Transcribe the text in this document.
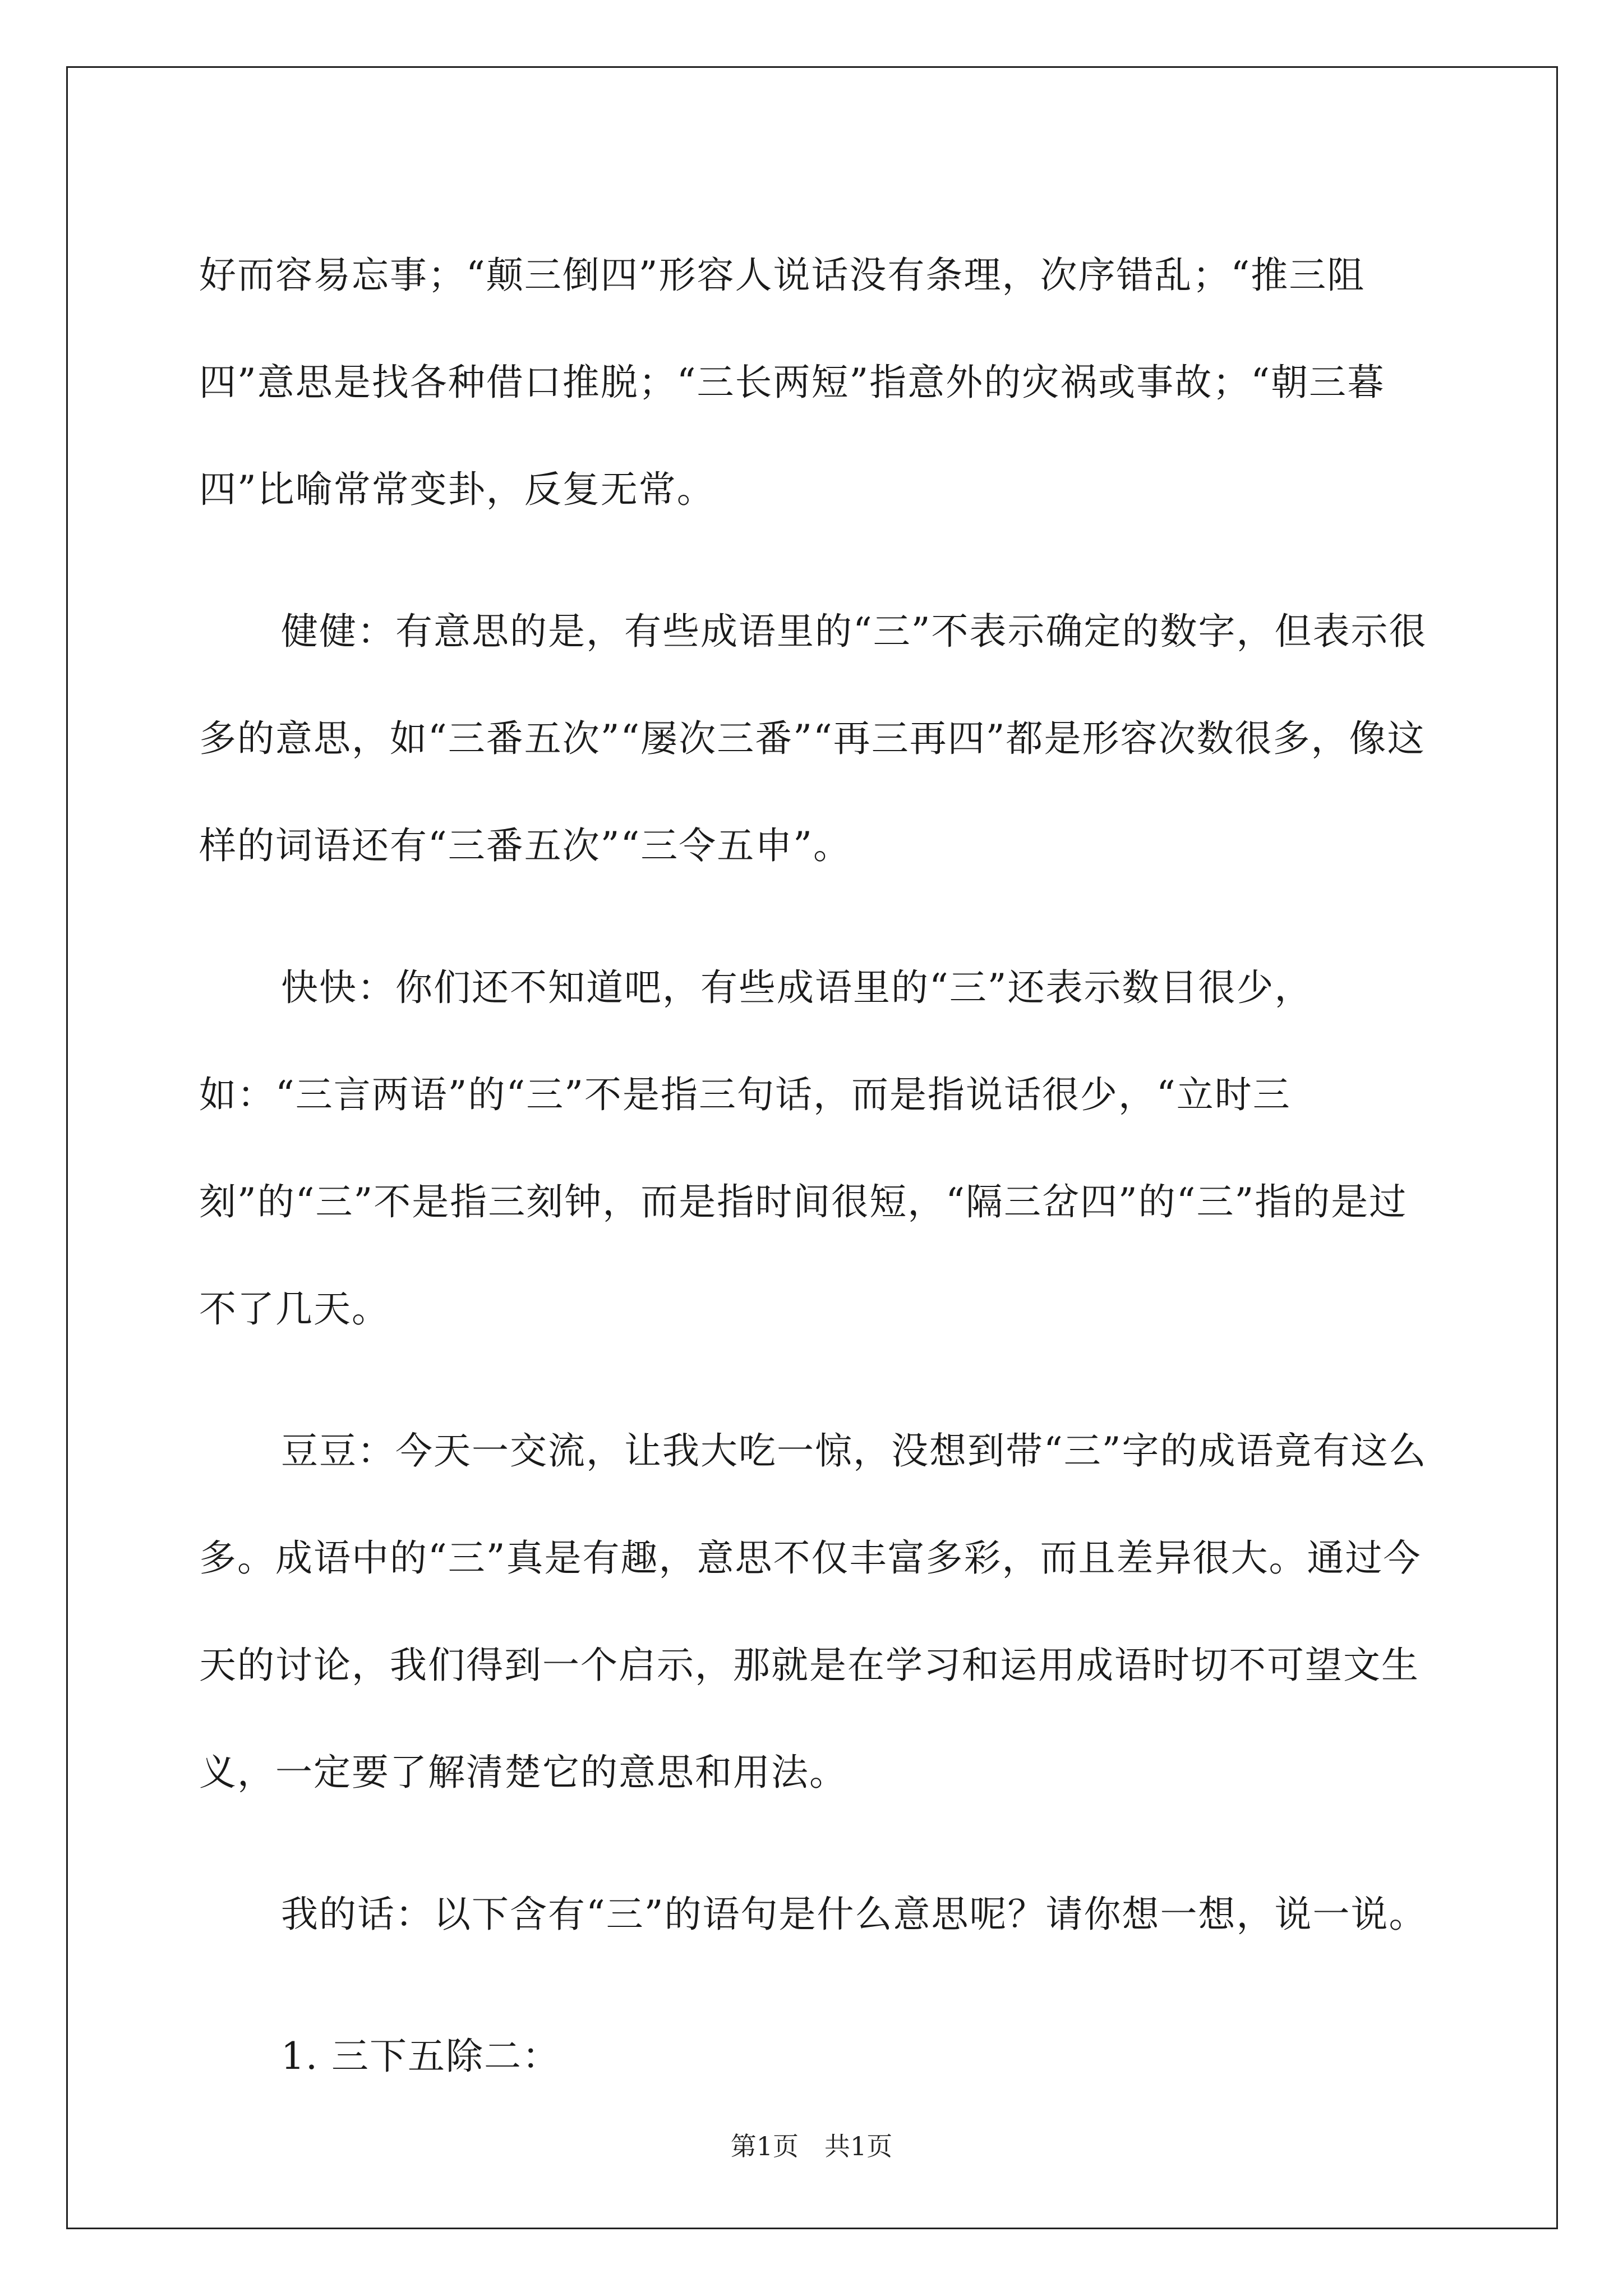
好而容易忘事；“颠三倒四”形容人说话没有条理，次序错乱；“推三阻四”意思是找各种借口推脱；“三长两短”指意外的灾祸或事故；“朝三暮四”比喻常常变卦，反复无常。

健健：有意思的是，有些成语里的“三”不表示确定的数字，但表示很多的意思，如“三番五次”“屡次三番”“再三再四”都是形容次数很多，像这样的词语还有“三番五次”“三令五申”。

快快：你们还不知道吧，有些成语里的“三”还表示数目很少，如：“三言两语”的“三”不是指三句话，而是指说话很少，“立时三刻”的“三”不是指三刻钟，而是指时间很短，“隔三岔四”的“三”指的是过不了几天。

豆豆：今天一交流，让我大吃一惊，没想到带“三”字的成语竟有这么多。成语中的“三”真是有趣，意思不仅丰富多彩，而且差异很大。通过今天的讨论，我们得到一个启示，那就是在学习和运用成语时切不可望文生义，一定要了解清楚它的意思和用法。

我的话：以下含有“三”的语句是什么意思呢？请你想一想，说一说。

1. 三下五除二：

第1页　共1页
